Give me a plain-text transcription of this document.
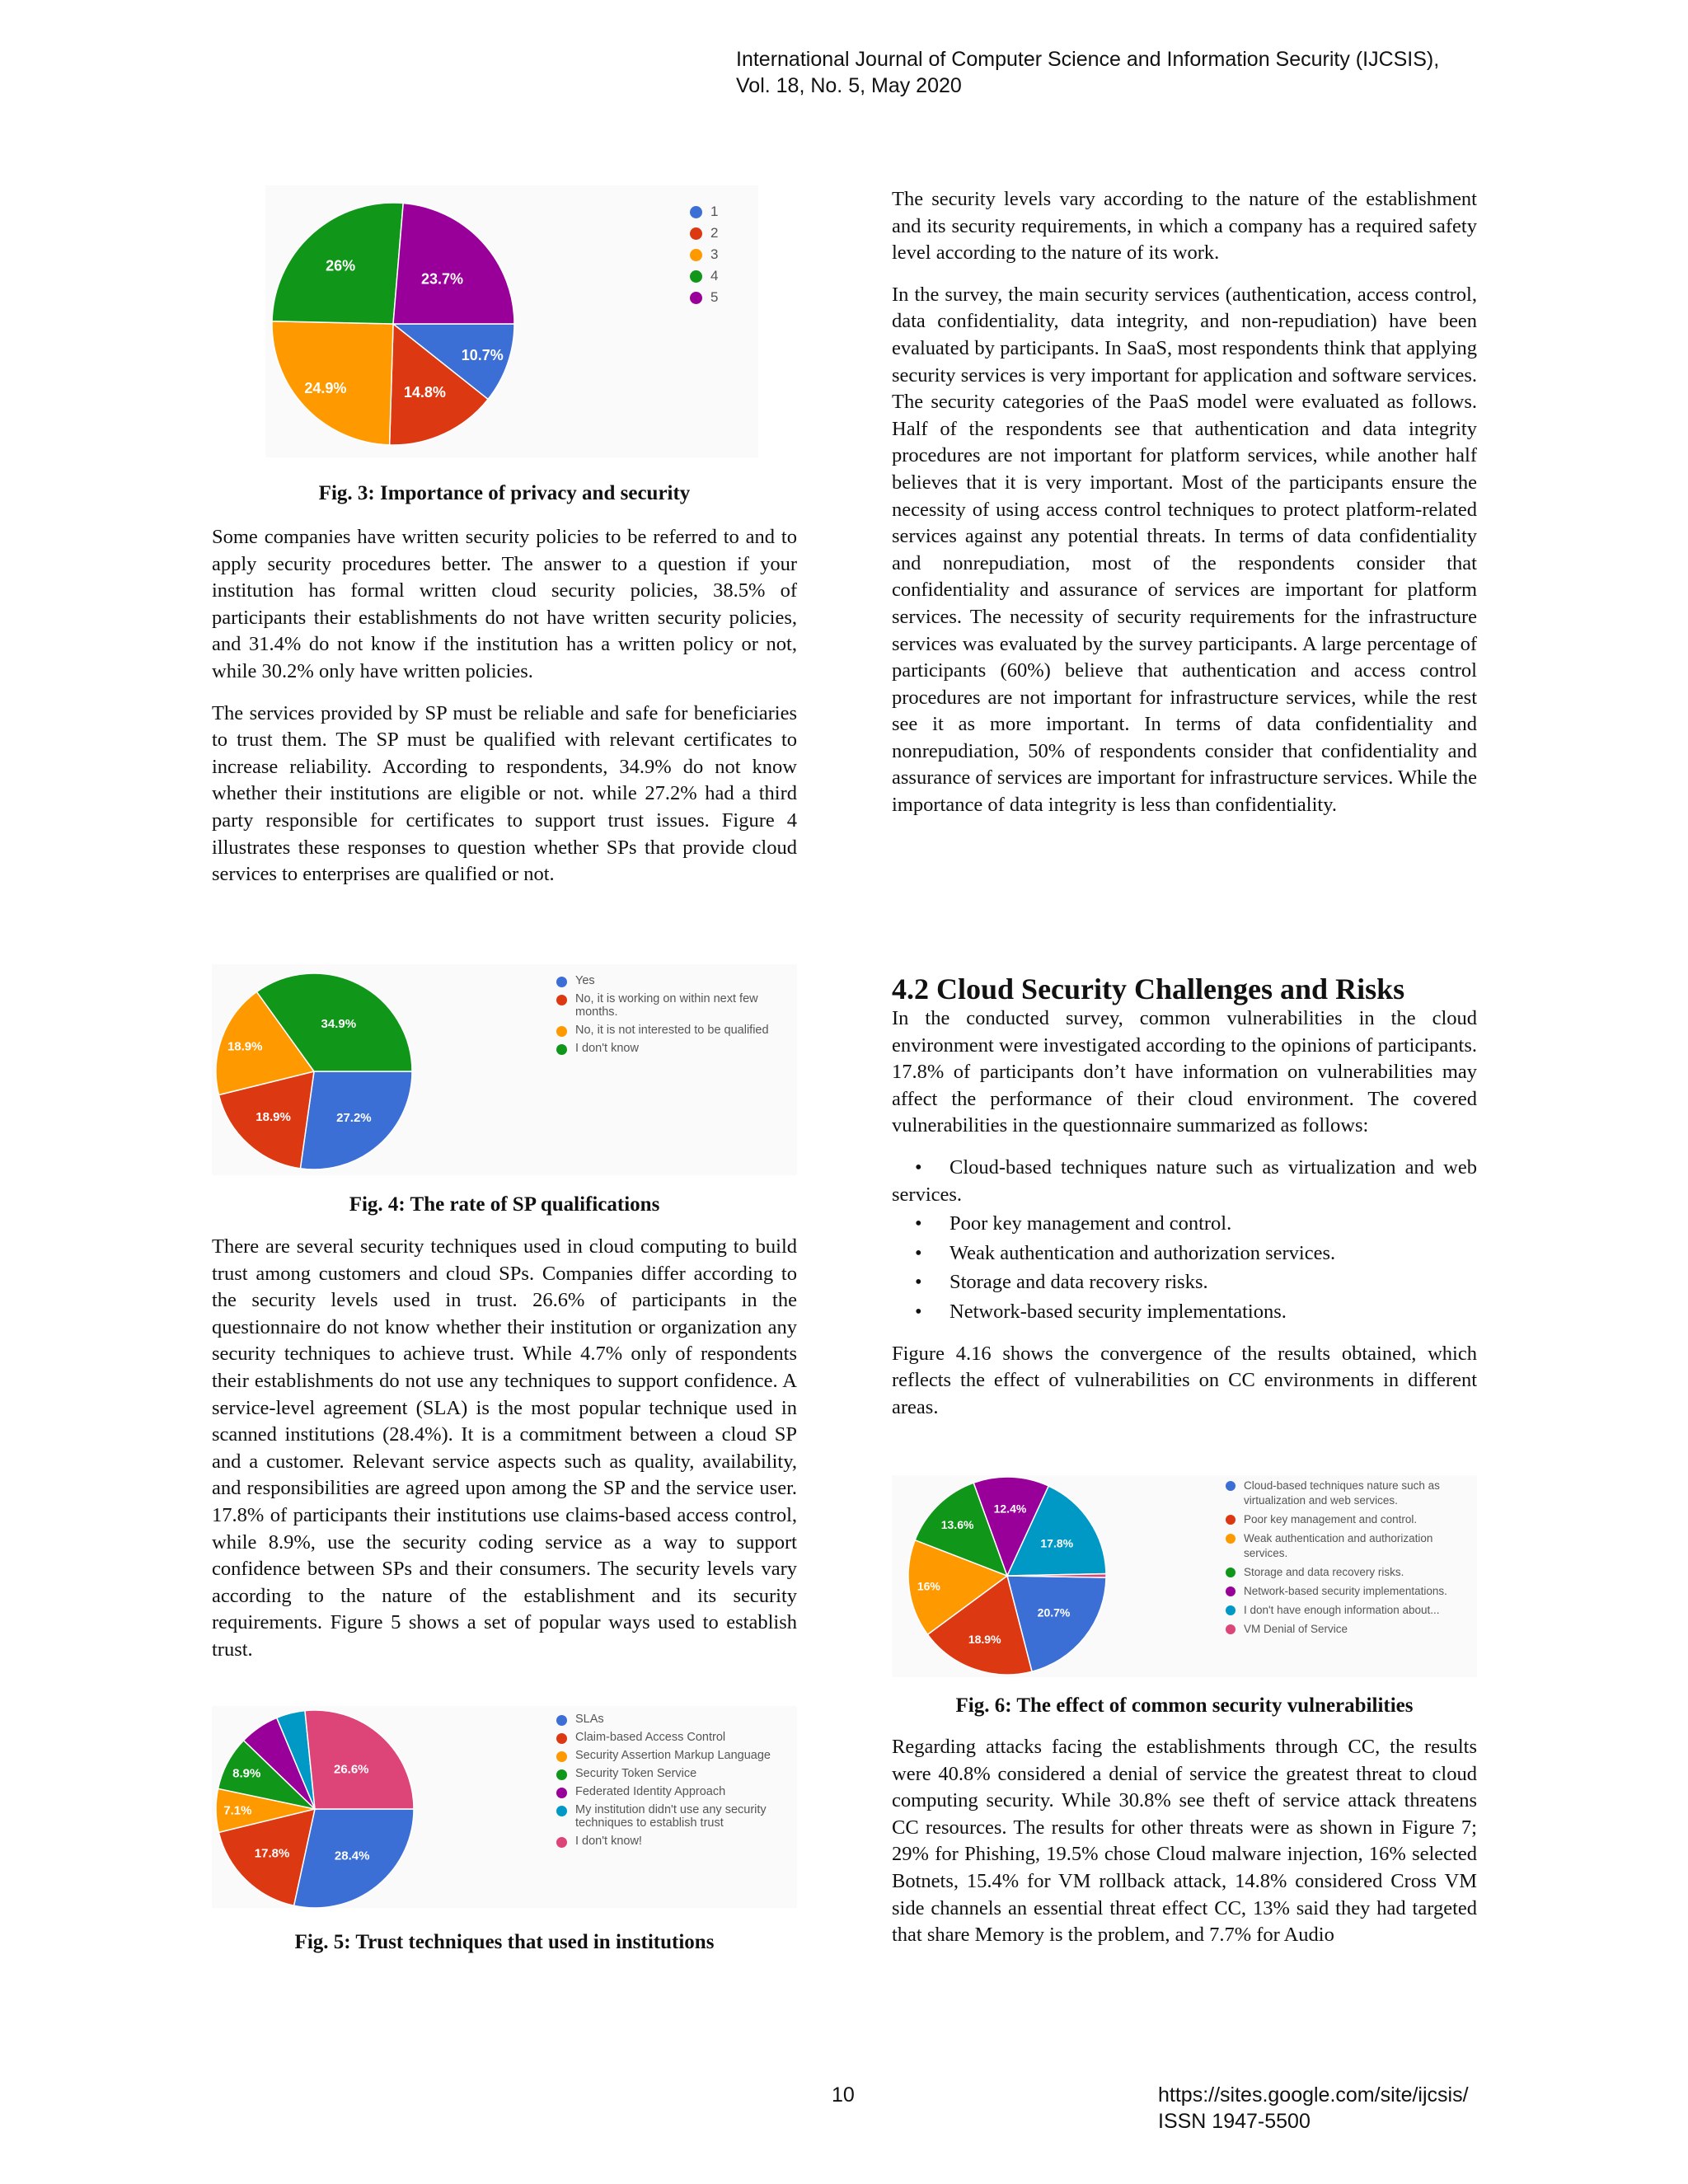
International Journal of Computer Science and Information Security (IJCSIS),
Vol. 18, No. 5, May 2020
10.7%
14.8%
24.9%
26%
23.7%
1
2
3
4
5
Fig. 3: Importance of privacy and security

Some companies have written security policies to be referred to and to apply security procedures better. The answer to a question if your institution has formal written cloud security policies, 38.5% of participants their establishments do not have written security policies, and 31.4% do not know if the institution has a written policy or not, while 30.2% only have written policies.

The services provided by SP must be reliable and safe for beneficiaries to trust them. The SP must be qualified with relevant certificates to increase reliability. According to respondents, 34.9% do not know whether their institutions are eligible or not. while 27.2% had a third party responsible for certificates to support trust issues. Figure 4 illustrates these responses to question whether SPs that provide cloud services to enterprises are qualified or not.

27.2%
18.9%
18.9%
34.9%
Yes
No, it is working on within next few months.
No, it is not interested to be qualified
I don't know
Fig. 4: The rate of SP qualifications

There are several security techniques used in cloud computing to build trust among customers and cloud SPs. Companies differ according to the security levels used in trust. 26.6% of participants in the questionnaire do not know whether their institution or organization any security techniques to achieve trust. While 4.7% only of respondents their establishments do not use any techniques to support confidence. A service-level agreement (SLA) is the most popular technique used in scanned institutions (28.4%). It is a commitment between a cloud SP and a customer. Relevant service aspects such as quality, availability, and responsibilities are agreed upon among the SP and the service user. 17.8% of participants their institutions use claims-based access control, while 8.9%, use the security coding service as a way to support confidence between SPs and their consumers. The security levels vary according to the nature of the establishment and its security requirements. Figure 5 shows a set of popular ways used to establish trust.

28.4%
17.8%
7.1%
8.9%	26.6%
SLAs
Claim-based Access Control
Security Assertion Markup Language
Security Token Service
Federated Identity Approach
My institution didn't use any security techniques to establish trust
I don't know!
Fig. 5: Trust techniques that used in institutions

The security levels vary according to the nature of the establishment and its security requirements, in which a company has a required safety level according to the nature of its work.

In the survey, the main security services (authentication, access control, data confidentiality, data integrity, and non-repudiation) have been evaluated by participants. In SaaS, most respondents think that applying security services is very important for application and software services. The security categories of the PaaS model were evaluated as follows. Half of the respondents see that authentication and data integrity procedures are not important for platform services, while another half believes that it is very important. Most of the participants ensure the necessity of using access control techniques to protect platform-related services against any potential threats. In terms of data confidentiality and nonrepudiation, most of the respondents consider that confidentiality and assurance of services are important for platform services. The necessity of security requirements for the infrastructure services was evaluated by the survey participants. A large percentage of participants (60%) believe that authentication and access control procedures are not important for infrastructure services, while the rest see it as more important. In terms of data confidentiality and nonrepudiation, 50% of respondents consider that confidentiality and assurance of services are important for infrastructure services. While the importance of data integrity is less than confidentiality.

4.2 Cloud Security Challenges and Risks

In the conducted survey, common vulnerabilities in the cloud environment were investigated according to the opinions of participants. 17.8% of participants don’t have information on vulnerabilities may affect the performance of their cloud environment. The covered vulnerabilities in the questionnaire summarized as follows:

• Cloud-based techniques nature such as virtualization and web services.
• Poor key management and control.
• Weak authentication and authorization services.
• Storage and data recovery risks.
• Network-based security implementations.

Figure 4.16 shows the convergence of the results obtained, which reflects the effect of vulnerabilities on CC environments in different areas.

20.7%
18.9%
16%
13.6%
12.4%
17.8%
Cloud-based techniques nature such as virtualization and web services.
Poor key management and control.
Weak authentication and authorization services.
Storage and data recovery risks.
Network-based security implementations.
I don't have enough information about...
VM Denial of Service
Fig. 6: The effect of common security vulnerabilities

Regarding attacks facing the establishments through CC, the results were 40.8% considered a denial of service the greatest threat to cloud computing security. While 30.8% see theft of service attack threatens CC resources. The results for other threats were as shown in Figure 7; 29% for Phishing, 19.5% chose Cloud malware injection, 16% selected Botnets, 15.4% for VM rollback attack, 14.8% considered Cross VM side channels an essential threat effect CC, 13% said they had targeted that share Memory is the problem, and 7.7% for Audio

10	https://sites.google.com/site/ijcsis/
ISSN 1947-5500
